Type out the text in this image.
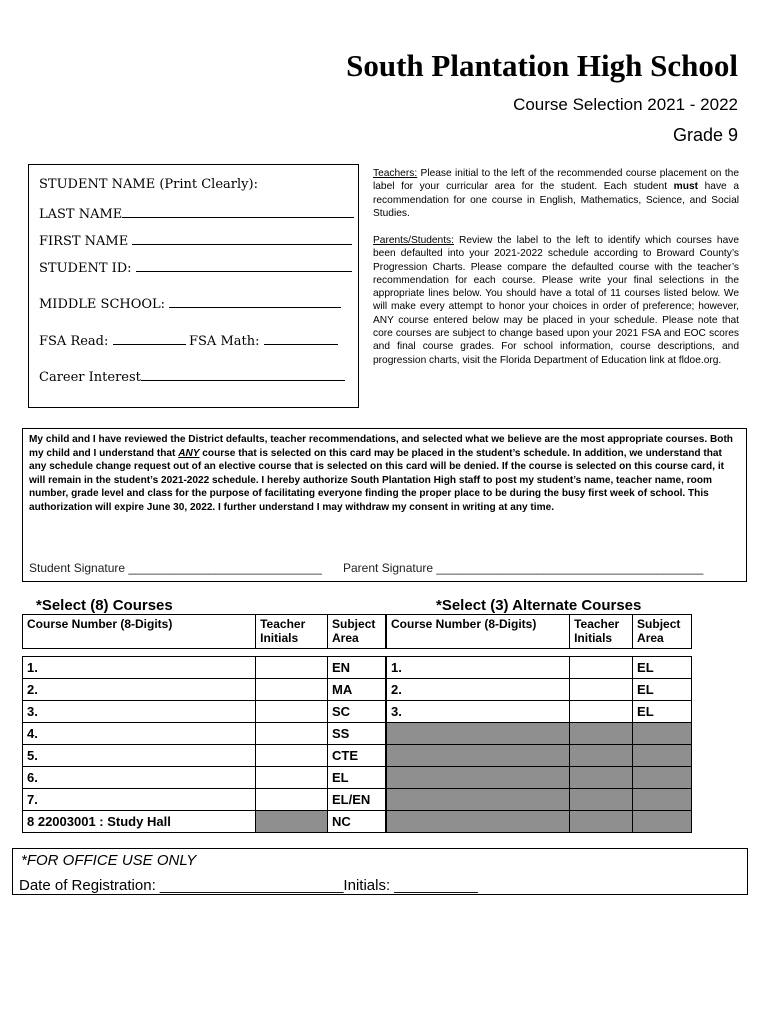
South Plantation High School
Course Selection 2021 - 2022
Grade 9
STUDENT NAME (Print Clearly):
LAST NAME
FIRST NAME
STUDENT ID:
MIDDLE SCHOOL:
FSA Read:	FSA Math:
Career Interest
Teachers: Please initial to the left of the recommended course placement on the label for your curricular area for the student. Each student must have a recommendation for one course in English, Mathematics, Science, and Social Studies.
Parents/Students: Review the label to the left to identify which courses have been defaulted into your 2021-2022 schedule according to Broward County’s Progression Charts. Please compare the defaulted course with the teacher’s recommendation for each course. Please write your final selections in the appropriate lines below. You should have a total of 11 courses listed below. We will make every attempt to honor your choices in order of preference; however, ANY course entered below may be placed in your schedule. Please note that core courses are subject to change based upon your 2021 FSA and EOC scores and final course grades. For school information, course descriptions, and progression charts, visit the Florida Department of Education link at fldoe.org.
My child and I have reviewed the District defaults, teacher recommendations, and selected what we believe are the most appropriate courses. Both my child and I understand that ANY course that is selected on this card may be placed in the student’s schedule. In addition, we understand that any schedule change request out of an elective course that is selected on this card will be denied. If the course is selected on this course card, it will remain in the student’s 2021-2022 schedule. I hereby authorize South Plantation High staff to post my student’s name, teacher name, room number, grade level and class for the purpose of facilitating everyone finding the proper place to be during the busy first week of school. This authorization will expire June 30, 2022. I further understand I may withdraw my consent in writing at any time.
Student Signature _____________________________ Parent Signature ________________________________________
*Select (8) Courses	*Select (3) Alternate Courses
Course Number (8-Digits)	Teacher Initials	Subject Area

1.		EN
2.		MA
3.		SC
4.		SS
5.		CTE
6.		EL
7.		EL/EN
8 22003001 : Study Hall		NC
Course Number (8-Digits)	Teacher Initials	Subject Area

1.		EL
2.		EL
3.		EL

*FOR OFFICE USE ONLY
Date of Registration: ______________________Initials: __________
